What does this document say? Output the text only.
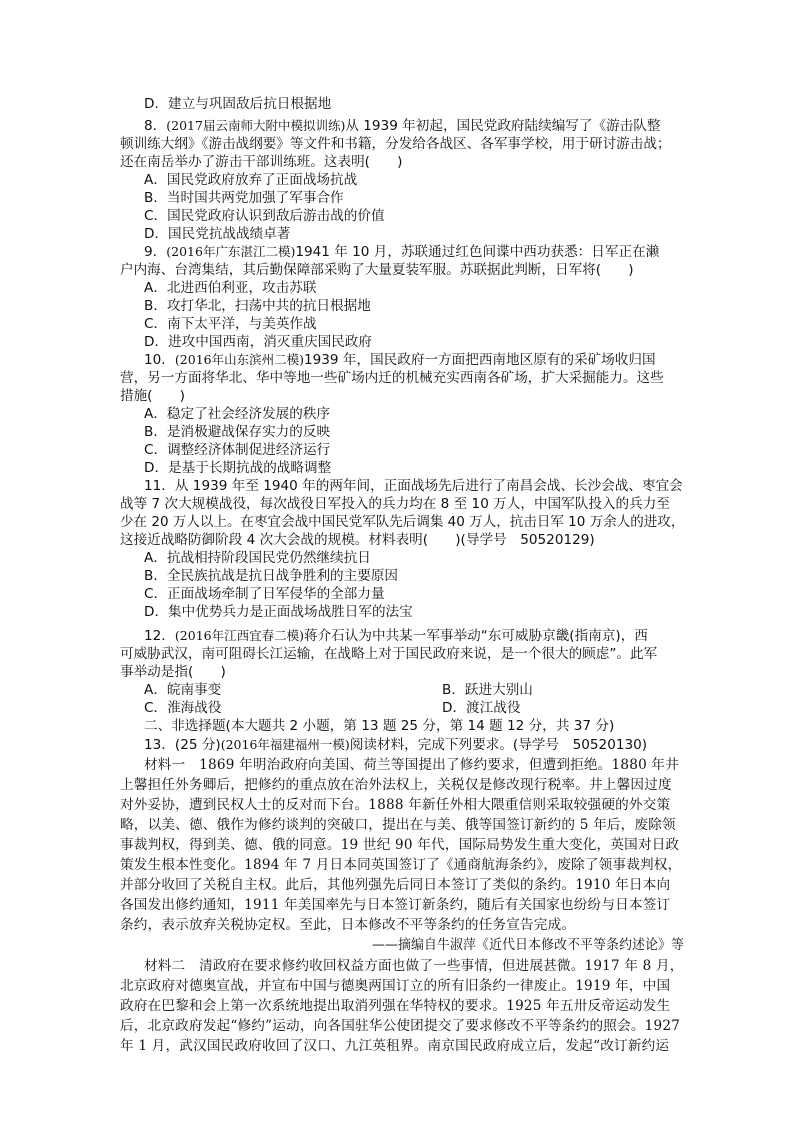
D．建立与巩固敌后抗日根据地
8．(2017届云南师大附中模拟训练)从 1939 年初起，国民党政府陆续编写了《游击队整
顿训练大纲》《游击战纲要》等文件和书籍，分发给各战区、各军事学校，用于研讨游击战；
还在南岳举办了游击干部训练班。这表明(　　)
A．国民党政府放弃了正面战场抗战
B．当时国共两党加强了军事合作
C．国民党政府认识到敌后游击战的价值
D．国民党抗战战绩卓著
9．(2016年广东湛江二模)1941 年 10 月，苏联通过红色间谍中西功获悉：日军正在濑
户内海、台湾集结，其后勤保障部采购了大量夏装军服。苏联据此判断，日军将(　　)
A．北进西伯利亚，攻击苏联
B．攻打华北，扫荡中共的抗日根据地
C．南下太平洋，与美英作战
D．进攻中国西南，消灭重庆国民政府
10．(2016年山东滨州二模)1939 年，国民政府一方面把西南地区原有的采矿场收归国
营，另一方面将华北、华中等地一些矿场内迁的机械充实西南各矿场，扩大采掘能力。这些
措施(　　)
A．稳定了社会经济发展的秩序
B．是消极避战保存实力的反映
C．调整经济体制促进经济运行
D．是基于长期抗战的战略调整
11．从 1939 年至 1940 年的两年间，正面战场先后进行了南昌会战、长沙会战、枣宜会
战等 7 次大规模战役，每次战役日军投入的兵力均在 8 至 10 万人，中国军队投入的兵力至
少在 20 万人以上。在枣宜会战中国民党军队先后调集 40 万人，抗击日军 10 万余人的进攻，
这接近战略防御阶段 4 次大会战的规模。材料表明(　　)(导学号　50520129)
A．抗战相持阶段国民党仍然继续抗日
B．全民族抗战是抗日战争胜利的主要原因
C．正面战场牵制了日军侵华的全部力量
D．集中优势兵力是正面战场战胜日军的法宝
12．(2016年江西宜春二模)蒋介石认为中共某一军事举动“东可威胁京畿(指南京)，西
可威胁武汉，南可阻碍长江运输，在战略上对于国民政府来说，是一个很大的顾虑”。此军
事举动是指(　　)
A．皖南事变	B．跃进大别山
C．淮海战役	D．渡江战役
二、非选择题(本大题共 2 小题，第 13 题 25 分，第 14 题 12 分，共 37 分)
13．(25 分)(2016年福建福州一模)阅读材料，完成下列要求。(导学号　50520130)
材料一　1869 年明治政府向美国、荷兰等国提出了修约要求，但遭到拒绝。1880 年井
上馨担任外务卿后，把修约的重点放在治外法权上，关税仅是修改现行税率。井上馨因过度
对外妥协，遭到民权人士的反对而下台。1888 年新任外相大隈重信则采取较强硬的外交策
略，以美、德、俄作为修约谈判的突破口，提出在与美、俄等国签订新约的 5 年后，废除领
事裁判权，得到美、德、俄的同意。19 世纪 90 年代，国际局势发生重大变化，英国对日政
策发生根本性变化。1894 年 7 月日本同英国签订了《通商航海条约》，废除了领事裁判权，
并部分收回了关税自主权。此后，其他列强先后同日本签订了类似的条约。1910 年日本向
各国发出修约通知，1911 年美国率先与日本签订新条约，随后有关国家也纷纷与日本签订
条约，表示放弃关税协定权。至此，日本修改不平等条约的任务宣告完成。
——摘编自牛淑萍《近代日本修改不平等条约述论》等
材料二　清政府在要求修约收回权益方面也做了一些事情，但进展甚微。1917 年 8 月，
北京政府对德奥宣战，并宣布中国与德奥两国订立的所有旧条约一律废止。1919 年，中国
政府在巴黎和会上第一次系统地提出取消列强在华特权的要求。1925 年五卅反帝运动发生
后，北京政府发起“修约”运动，向各国驻华公使团提交了要求修改不平等条约的照会。1927
年 1 月，武汉国民政府收回了汉口、九江英租界。南京国民政府成立后，发起“改订新约运
